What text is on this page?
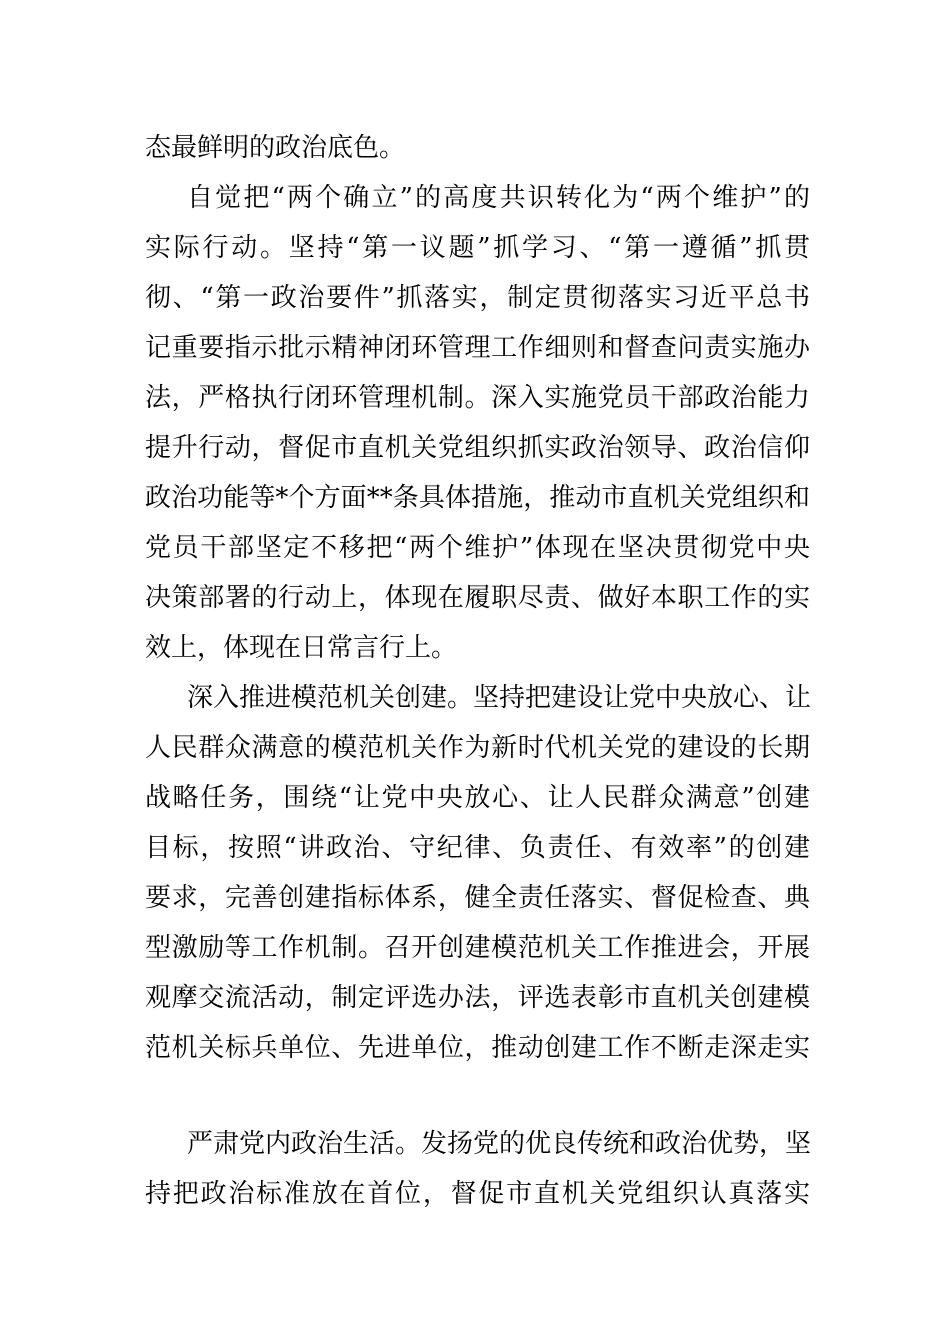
态最鲜明的政治底色。
自觉把“两个确立”的高度共识转化为“两个维护”的
实际行动。坚持“第一议题”抓学习、“第一遵循”抓贯
彻、“第一政治要件”抓落实，制定贯彻落实习近平总书
记重要指示批示精神闭环管理工作细则和督查问责实施办
法，严格执行闭环管理机制。深入实施党员干部政治能力
提升行动，督促市直机关党组织抓实政治领导、政治信仰
政治功能等*个方面**条具体措施，推动市直机关党组织和
党员干部坚定不移把“两个维护”体现在坚决贯彻党中央
决策部署的行动上，体现在履职尽责、做好本职工作的实
效上，体现在日常言行上。
深入推进模范机关创建。坚持把建设让党中央放心、让
人民群众满意的模范机关作为新时代机关党的建设的长期
战略任务，围绕“让党中央放心、让人民群众满意”创建
目标，按照“讲政治、守纪律、负责任、有效率”的创建
要求，完善创建指标体系，健全责任落实、督促检查、典
型激励等工作机制。召开创建模范机关工作推进会，开展
观摩交流活动，制定评选办法，评选表彰市直机关创建模
范机关标兵单位、先进单位，推动创建工作不断走深走实
严肃党内政治生活。发扬党的优良传统和政治优势，坚
持把政治标准放在首位，督促市直机关党组织认真落实
